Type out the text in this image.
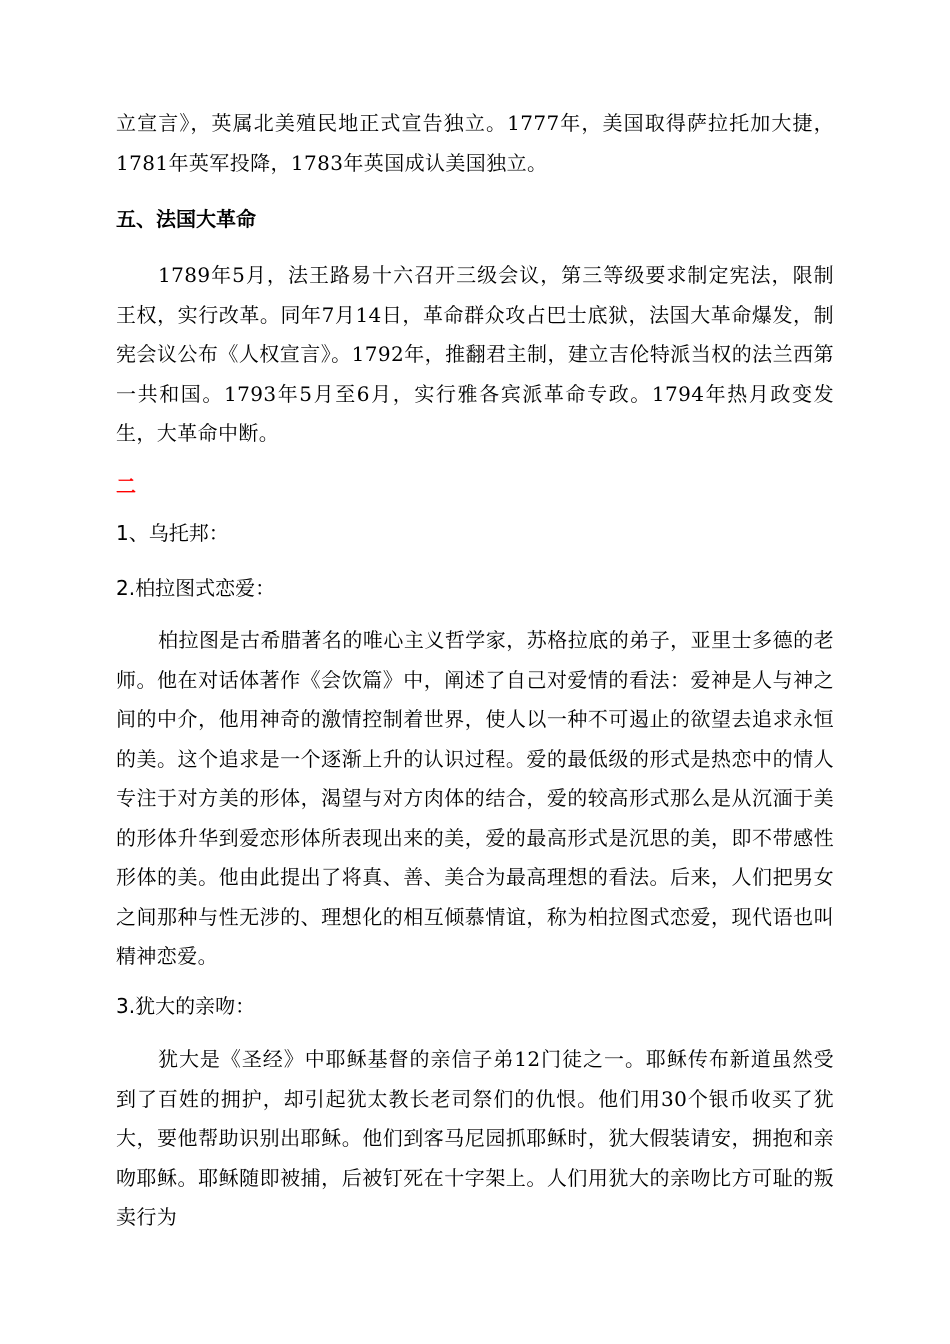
立宣言》，英属北美殖民地正式宣告独立。1777年，美国取得萨拉托加大捷，1781年英军投降，1783年英国成认美国独立。

五、法国大革命

1789年5月，法王路易十六召开三级会议，第三等级要求制定宪法，限制王权，实行改革。同年7月14日，革命群众攻占巴士底狱，法国大革命爆发，制宪会议公布《人权宣言》。1792年，推翻君主制，建立吉伦特派当权的法兰西第一共和国。1793年5月至6月，实行雅各宾派革命专政。1794年热月政变发生，大革命中断。

二

1、乌托邦：

2.柏拉图式恋爱：

柏拉图是古希腊著名的唯心主义哲学家，苏格拉底的弟子，亚里士多德的老师。他在对话体著作《会饮篇》中，阐述了自己对爱情的看法：爱神是人与神之间的中介，他用神奇的激情控制着世界，使人以一种不可遏止的欲望去追求永恒的美。这个追求是一个逐渐上升的认识过程。爱的最低级的形式是热恋中的情人专注于对方美的形体，渴望与对方肉体的结合，爱的较高形式那么是从沉湎于美的形体升华到爱恋形体所表现出来的美，爱的最高形式是沉思的美，即不带感性形体的美。他由此提出了将真、善、美合为最高理想的看法。后来，人们把男女之间那种与性无涉的、理想化的相互倾慕情谊，称为柏拉图式恋爱，现代语也叫精神恋爱。

3.犹大的亲吻：

犹大是《圣经》中耶稣基督的亲信子弟12门徒之一。耶稣传布新道虽然受到了百姓的拥护，却引起犹太教长老司祭们的仇恨。他们用30个银币收买了犹大，要他帮助识别出耶稣。他们到客马尼园抓耶稣时，犹大假装请安，拥抱和亲吻耶稣。耶稣随即被捕，后被钉死在十字架上。人们用犹大的亲吻比方可耻的叛卖行为
